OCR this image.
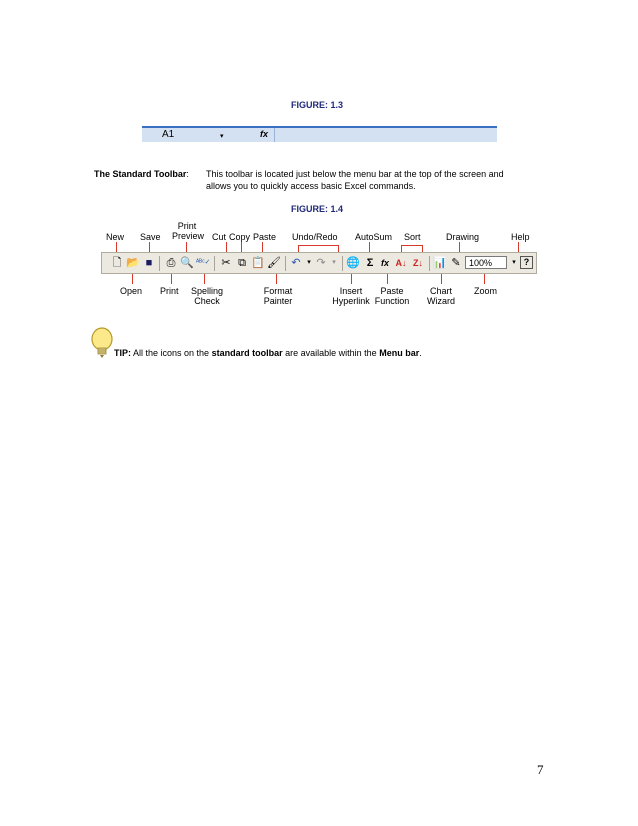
FIGURE: 1.3
A1	▾	fx
The Standard Toolbar: This toolbar is located just below the menu bar at the top of the screen and allows you to quickly access basic Excel commands.
FIGURE: 1.4
New Save
Print Preview Cut Copy Paste Undo/Redo AutoSum Sort	Drawing	Help
🗋 📂 ■	⎙ 🔍 ᴬᴮᶜ✓ ✂ ⧉ 📋 🖌 ↶ ▾ ↷ ▾ 🌐 Σ fx A↓ Z↓ 📊 ✎ 100%	▾ ?
Open Print Spelling Check
Format Painter
Insert Hyperlink
Paste Function
Chart Wizard
Zoom
TIP: All the icons on the standard toolbar are available within the Menu bar.
7
